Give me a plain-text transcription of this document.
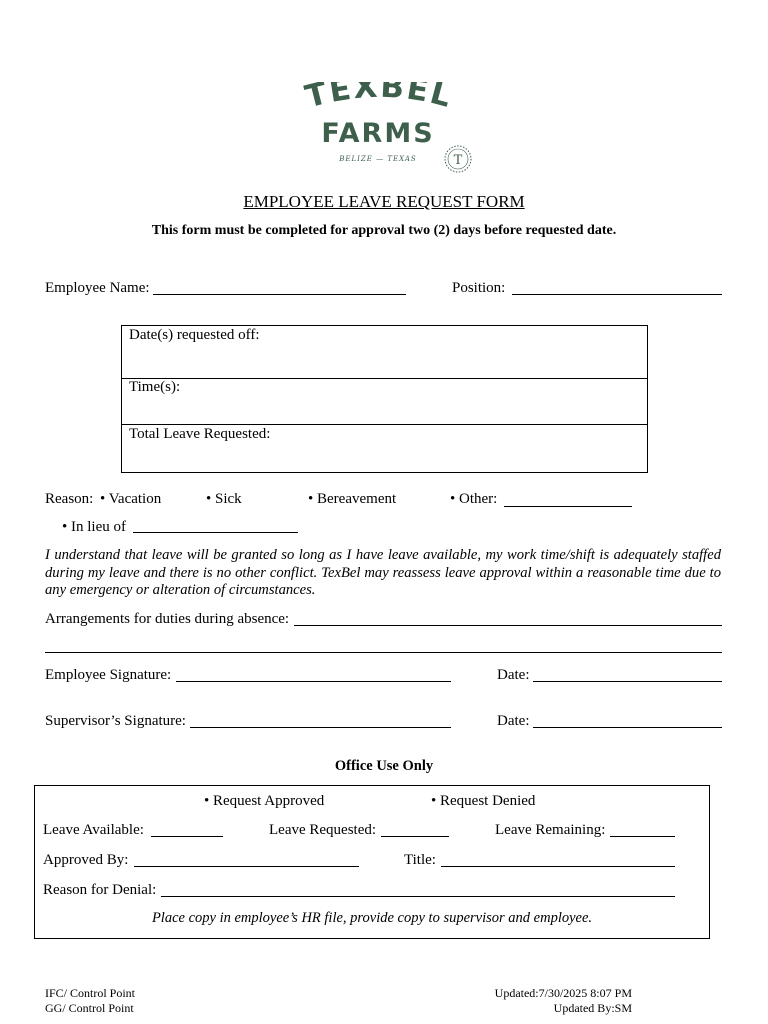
TEXBEL
FARMS
BELIZE — TEXAS	T
EMPLOYEE LEAVE REQUEST FORM
This form must be completed for approval two (2) days before requested date.
Employee Name:	Position:
Date(s) requested off:
Time(s):
Total Leave Requested:
Reason: • Vacation	• Sick	• Bereavement	• Other:
• In lieu of
I understand that leave will be granted so long as I have leave available, my work time/shift is adequately staffed during my leave and there is no other conflict. TexBel may reassess leave approval within a reasonable time due to any emergency or alteration of circumstances.
Arrangements for duties during absence:
Employee Signature:	Date:
Supervisor’s Signature:	Date:
Office Use Only
• Request Approved	• Request Denied
Leave Available:	Leave Requested:	Leave Remaining:
Approved By:	Title:
Reason for Denial:
Place copy in employee’s HR file, provide copy to supervisor and employee.
IFC/ Control Point
GG/ Control Point
Updated:7/30/2025 8:07 PM
Updated By:SM
